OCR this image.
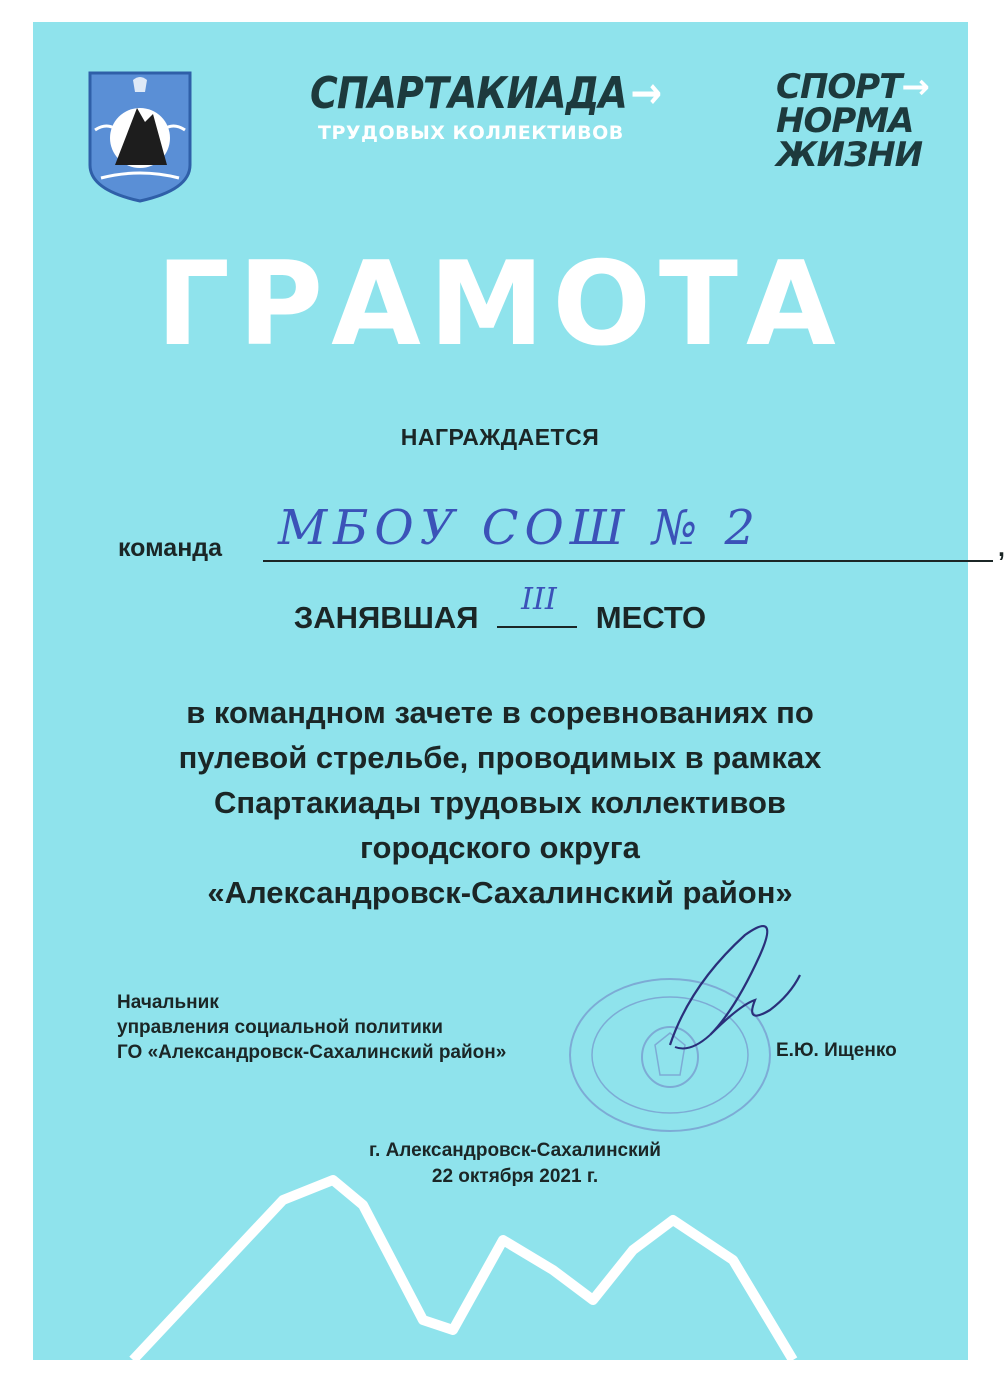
СПАРТАКИАДА→
ТРУДОВЫХ КОЛЛЕКТИВОВ
СПОРТ→
НОРМА
ЖИЗНИ
ГРАМОТА
НАГРАЖДАЕТСЯ
команда МБОУ СОШ № 2	,
ЗАНЯВШАЯ
III
МЕСТО
в командном зачете в соревнованиях по
пулевой стрельбе, проводимых в рамках
Спартакиады трудовых коллективов
городского округа
«Александровск-Сахалинский район»
Начальник
управления социальной политики
ГО «Александровск-Сахалинский район»	Е.Ю. Ищенко
г. Александровск-Сахалинский
22 октября 2021 г.
